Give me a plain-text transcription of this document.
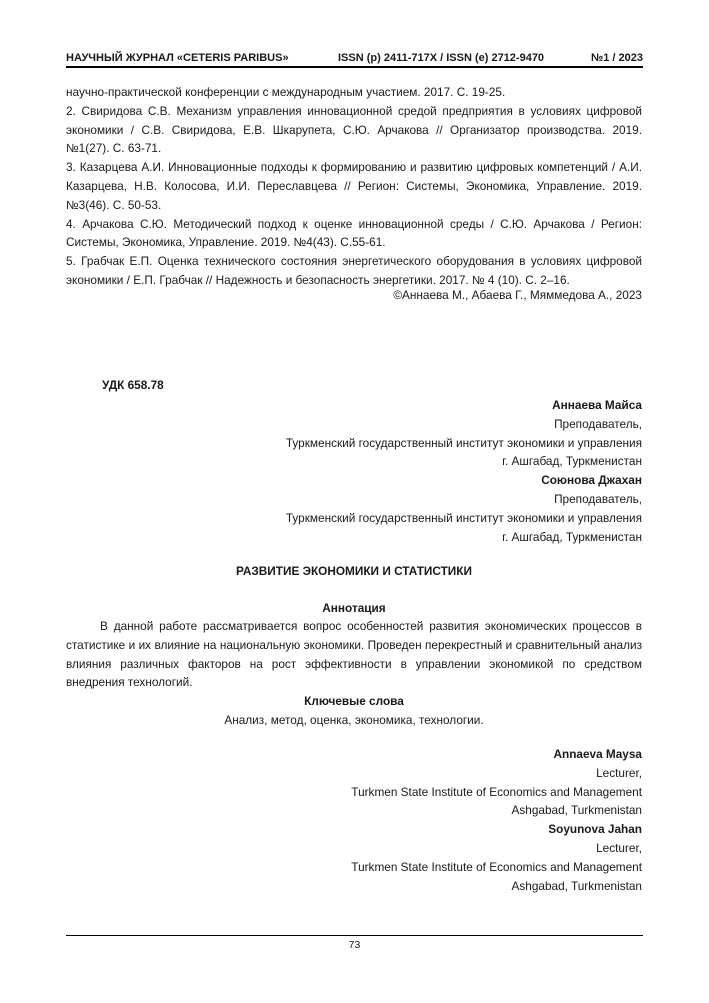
НАУЧНЫЙ ЖУРНАЛ «CETERIS PARIBUS»	ISSN (p) 2411-717X / ISSN (e) 2712-9470	№1 / 2023
научно-практической конференции с международным участием. 2017. С. 19-25.
2. Свиридова С.В. Механизм управления инновационной средой предприятия в условиях цифровой экономики / С.В. Свиридова, Е.В. Шкарупета, С.Ю. Арчакова // Организатор производства. 2019. №1(27). С. 63-71.
3. Казарцева А.И. Инновационные подходы к формированию и развитию цифровых компетенций / А.И. Казарцева, Н.В. Колосова, И.И. Переславцева // Регион: Системы, Экономика, Управление. 2019. №3(46). С. 50-53.
4. Арчакова С.Ю. Методический подход к оценке инновационной среды / С.Ю. Арчакова / Регион: Системы, Экономика, Управление. 2019. №4(43). С.55-61.
5. Грабчак Е.П. Оценка технического состояния энергетического оборудования в условиях цифровой экономики / Е.П. Грабчак // Надежность и безопасность энергетики. 2017. № 4 (10). С. 2–16.
©Аннаева М., Абаева Г., Мяммедова А., 2023
УДК 658.78
Аннаева Майса
Преподаватель,
Туркменский государственный институт экономики и управления
г. Ашгабад, Туркменистан
Союнова Джахан
Преподаватель,
Туркменский государственный институт экономики и управления
г. Ашгабад, Туркменистан
РАЗВИТИЕ ЭКОНОМИКИ И СТАТИСТИКИ
Аннотация
В данной работе рассматривается вопрос особенностей развития экономических процессов в статистике и их влияние на национальную экономики. Проведен перекрестный и сравнительный анализ влияния различных факторов на рост эффективности в управлении экономикой по средством внедрения технологий.
Ключевые слова
Анализ, метод, оценка, экономика, технологии.
Annaeva Maysa
Lecturer,
Turkmen State Institute of Economics and Management
Ashgabad, Turkmenistan
Soyunova Jahan
Lecturer,
Turkmen State Institute of Economics and Management
Ashgabad, Turkmenistan
73
